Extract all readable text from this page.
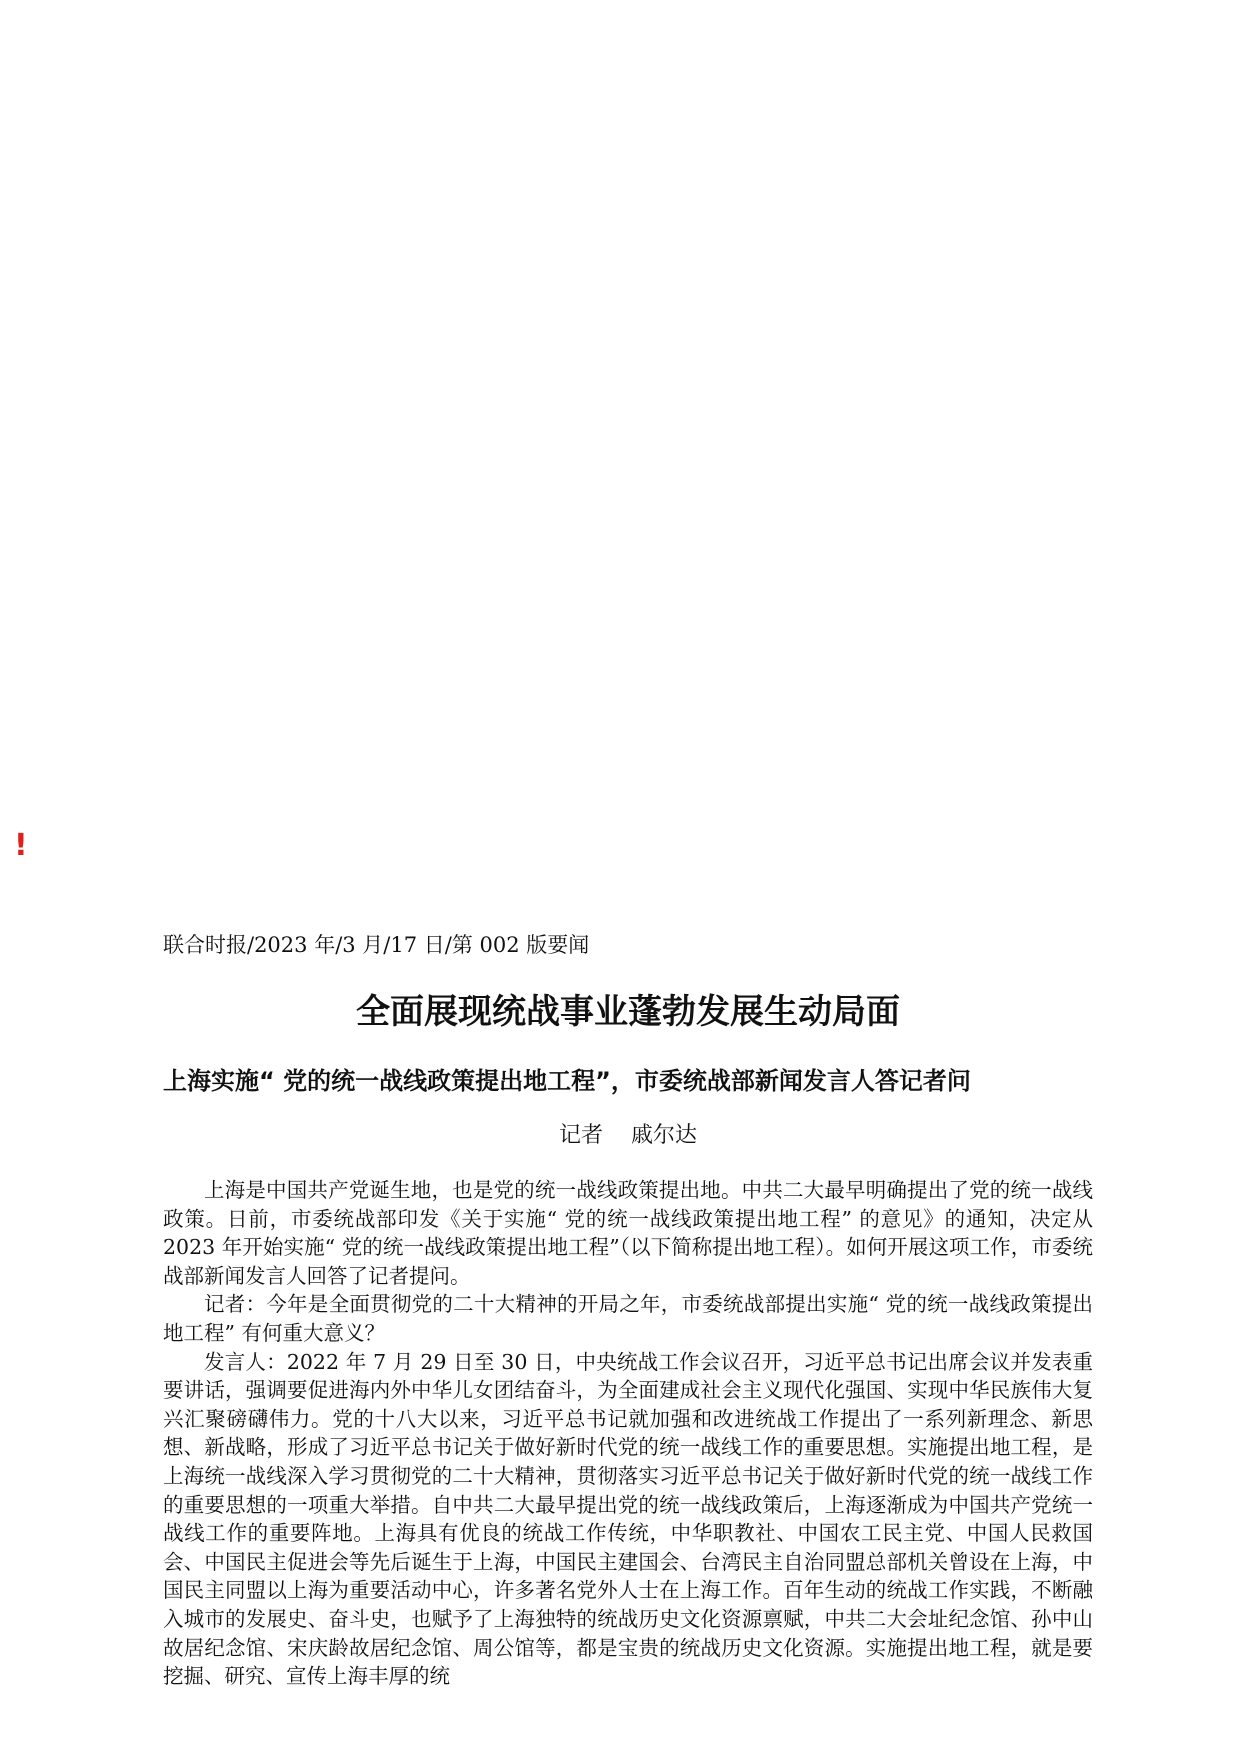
!

联合时报/2023 年/3 月/17 日/第 002 版要闻

全面展现统战事业蓬勃发展生动局面
上海实施“ 党的统一战线政策提出地工程”，市委统战部新闻发言人答记者问
记者 戚尔达

上海是中国共产党诞生地，也是党的统一战线政策提出地。中共二大最早明确提出了党的统一战线政策。日前，市委统战部印发《关于实施“ 党的统一战线政策提出地工程” 的意见》的通知，决定从 2023 年开始实施“ 党的统一战线政策提出地工程”（以下简称提出地工程）。如何开展这项工作，市委统战部新闻发言人回答了记者提问。

记者：今年是全面贯彻党的二十大精神的开局之年，市委统战部提出实施“ 党的统一战线政策提出地工程” 有何重大意义？

发言人：2022 年 7 月 29 日至 30 日，中央统战工作会议召开，习近平总书记出席会议并发表重要讲话，强调要促进海内外中华儿女团结奋斗，为全面建成社会主义现代化强国、实现中华民族伟大复兴汇聚磅礴伟力。党的十八大以来，习近平总书记就加强和改进统战工作提出了一系列新理念、新思想、新战略，形成了习近平总书记关于做好新时代党的统一战线工作的重要思想。实施提出地工程，是上海统一战线深入学习贯彻党的二十大精神，贯彻落实习近平总书记关于做好新时代党的统一战线工作的重要思想的一项重大举措。自中共二大最早提出党的统一战线政策后，上海逐渐成为中国共产党统一战线工作的重要阵地。上海具有优良的统战工作传统，中华职教社、中国农工民主党、中国人民救国会、中国民主促进会等先后诞生于上海，中国民主建国会、台湾民主自治同盟总部机关曾设在上海，中国民主同盟以上海为重要活动中心，许多著名党外人士在上海工作。百年生动的统战工作实践，不断融入城市的发展史、奋斗史，也赋予了上海独特的统战历史文化资源禀赋，中共二大会址纪念馆、孙中山故居纪念馆、宋庆龄故居纪念馆、周公馆等，都是宝贵的统战历史文化资源。实施提出地工程，就是要挖掘、研究、宣传上海丰厚的统
